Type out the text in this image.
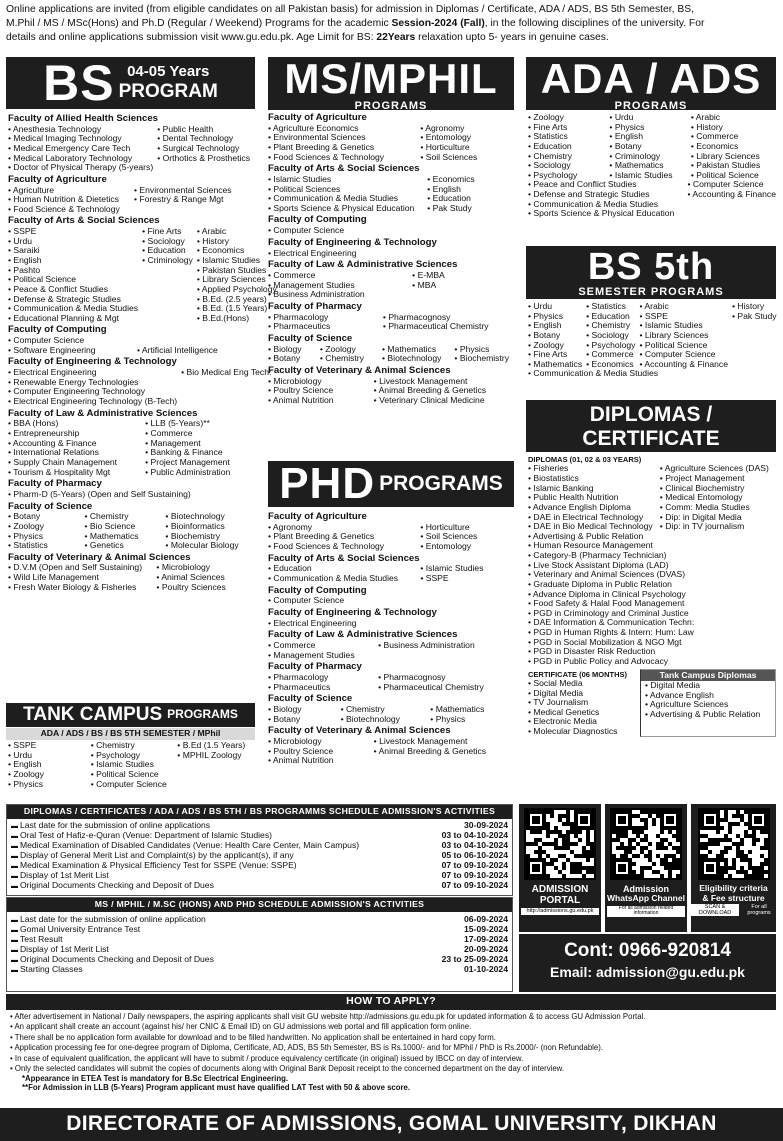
Online applications are invited (from eligible candidates on all Pakistan basis) for admission in Diplomas / Certificate, ADA / ADS, BS 5th Semester, BS,
M.Phil / MS / MSc(Hons) and Ph.D (Regular / Weekend) Programs for the academic Session-2024 (Fall), in the following disciplines of the university. For
details and online applications submission visit www.gu.edu.pk. Age Limit for BS: 22Years relaxation upto 5- years in genuine cases.
BS 04-05 Years
PROGRAM
Faculty of Allied Health Sciences
• Anesthesia Technology	• Public Health
• Medical Imaging Technology	• Dental Technology
• Medical Emergency Care Tech	• Surgical Technology
• Medical Laboratory Technology	• Orthotics & Prosthetics
• Doctor of Physical Therapy (5-years)
Faculty of Agriculture
• Agriculture	• Environmental Sciences
• Human Nutrition & Dietetics	• Forestry & Range Mgt
• Food Science & Technology
Faculty of Arts & Social Sciences
• SSPE	• Fine Arts	• Arabic
• Urdu	• Sociology	• History
• Saraiki	• Education	• Economics
• English	• Criminology	• Islamic Studies
• Pashto	• Pakistan Studies
• Political Science	• Library Sciences
• Peace & Conflict Studies	• Applied Psychology
• Defense & Strategic Studies	• B.Ed. (2.5 years)
• Communication & Media Studies	• B.Ed. (1.5 Years)
• Educational Planning & Mgt	• B.Ed.(Hons)
Faculty of Computing
• Computer Science
• Software Engineering	• Artificial Intelligence
Faculty of Engineering & Technology
• Electrical Engineering	• Bio Medical Eng Tech:
• Renewable Energy Technologies
• Computer Engineering Technology
• Electrical Engineering Technology (B-Tech)
Faculty of Law & Administrative Sciences
• BBA (Hons)	• LLB (5-Years)**
• Entrepreneurship	• Commerce
• Accounting & Finance	• Management
• International Relations	• Banking & Finance
• Supply Chain Management	• Project Management
• Tourism & Hospitality Mgt	• Public Administration
Faculty of Pharmacy
• Pharm-D (5-Years) (Open and Self Sustaining)
Faculty of Science
• Botany	• Chemistry	• Biotechnology
• Zoology	• Bio Science	• Bioinformatics
• Physics	• Mathematics	• Biochemistry
• Statistics	• Genetics	• Molecular Biology
Faculty of Veterinary & Animal Sciences
• D.V.M (Open and Self Sustaining)	• Microbiology
• Wild Life Management	• Animal Sciences
• Fresh Water Biology & Fisheries	• Poultry Sciences
TANK CAMPUS PROGRAMS
ADA / ADS / BS / BS 5TH SEMESTER / MPhil
• SSPE	• Chemistry	• B.Ed (1.5 Years)
• Urdu	• Psychology	• MPHIL Zoology
• English	• Islamic Studies
• Zoology	• Political Science
• Physics	• Computer Science
MS/MPHIL
PROGRAMS
Faculty of Agriculture
• Agriculture Economics	• Agronomy
• Environmental Sciences	• Entomology
• Plant Breeding & Genetics	• Horticulture
• Food Sciences & Technology	• Soil Sciences
Faculty of Arts & Social Sciences
• Islamic Studies	• Economics
• Political Sciences	• English
• Communication & Media Studies	• Education
• Sports Science & Physical Education	• Pak Study
Faculty of Computing
• Computer Science
Faculty of Engineering & Technology
• Electrical Engineering
Faculty of Law & Administrative Sciences
• Commerce	• E-MBA
• Management Studies	• MBA
• Business Administration
Faculty of Pharmacy
• Pharmacology	• Pharmacognosy
• Pharmaceutics	• Pharmaceutical Chemistry
Faculty of Science
• Biology	• Zoology	• Mathematics	• Physics
• Botany	• Chemistry	• Biotechnology	• Biochemistry
Faculty of Veterinary & Animal Sciences
• Microbiology	• Livestock Management
• Poultry Science	• Animal Breeding & Genetics
• Animal Nutrition	• Veterinary Clinical Medicine
PHD PROGRAMS
Faculty of Agriculture
• Agronomy	• Horticulture
• Plant Breeding & Genetics	• Soil Sciences
• Food Sciences & Technology	• Entomology
Faculty of Arts & Social Sciences
• Education	• Islamic Studies
• Communication & Media Studies	• SSPE
Faculty of Computing
• Computer Science
Faculty of Engineering & Technology
• Electrical Engineering
Faculty of Law & Administrative Sciences
• Commerce	• Business Administration
• Management Studies
Faculty of Pharmacy
• Pharmacology	• Pharmacognosy
• Pharmaceutics	• Pharmaceutical Chemistry
Faculty of Science
• Biology	• Chemistry	• Mathematics
• Botany	• Biotechnology	• Physics
Faculty of Veterinary & Animal Sciences
• Microbiology	• Livestock Management
• Poultry Science	• Animal Breeding & Genetics
• Animal Nutrition
ADA / ADS
PROGRAMS
• Zoology	• Urdu	• Arabic
• Fine Arts	• Physics	• History
• Statistics	• English	• Commerce
• Education	• Botany	• Economics
• Chemistry	• Criminology	• Library Sciences
• Sociology	• Mathematics	• Pakistan Studies
• Psychology	• Islamic Studies	• Political Science
• Peace and Conflict Studies	• Computer Science
• Defense and Strategic Studies	• Accounting & Finance
• Communication & Media Studies
• Sports Science & Physical Education
BS 5th
SEMESTER PROGRAMS
• Urdu	• Statistics	• Arabic	• History
• Physics	• Education	• SSPE	• Pak Study
• English	• Chemistry	• Islamic Studies
• Botany	• Sociology	• Library Sciences
• Zoology	• Psychology	• Political Science
• Fine Arts	• Commerce	• Computer Science
• Mathematics	• Economics	• Accounting & Finance
• Communication & Media Studies
DIPLOMAS /
CERTIFICATE
DIPLOMAS (01, 02 & 03 YEARS)
• Fisheries	• Agriculture Sciences (DAS)
• Biostatistics	• Project Management
• Islamic Banking	• Clinical Biochemistry
• Public Health Nutrition	• Medical Entomology
• Advance English Diploma	• Comm: Media Studies
• DAE in Electrical Technology	• Dip: in Digital Media
• DAE in Bio Medical Technology	• Dip: in TV journalism
• Advertising & Public Relation
• Human Resource Management
• Category-B (Pharmacy Technician)
• Live Stock Assistant Diploma (LAD)
• Veterinary and Animal Sciences (DVAS)
• Graduate Diploma in Public Relation
• Advance Diploma in Clinical Psychology
• Food Safety & Halal Food Management
• PGD in Criminology and Criminal Justice
• DAE Information & Communication Techn:
• PGD in Human Rights & Intern: Hum: Law
• PGD in Social Mobilization & NGO Mgt
• PGD in Disaster Risk Reduction
• PGD in Public Policy and Advocacy
CERTIFICATE (06 MONTHS)
• Social Media
• Digital Media
• TV Journalism
• Medical Genetics
• Electronic Media
• Molecular Diagnostics
Tank Campus Diplomas
• Digital Media
• Advance English
• Agriculture Sciences
• Advertising & Public Relation
DIPLOMAS / CERTIFICATES / ADA / ADS / BS 5TH / BS PROGRAMMS SCHEDULE ADMISSION'S ACTIVITIES
▬ Last date for the submission of online applications	30-09-2024
▬ Oral Test of Hafiz-e-Quran (Venue: Department of Islamic Studies)	03 to 04-10-2024
▬ Medical Examination of Disabled Candidates (Venue: Health Care Center, Main Campus)	03 to 04-10-2024
▬ Display of General Merit List and Complaint(s) by the applicant(s), if any	05 to 06-10-2024
▬ Medical Examination & Physical Efficiency Test for SSPE (Venue: SSPE)	07 to 09-10-2024
▬ Display of 1st Merit List	07 to 09-10-2024
▬ Original Documents Checking and Deposit of Dues	07 to 09-10-2024
MS / MPHIL / M.SC (HONS) AND PHD SCHEDULE ADMISSION'S ACTIVITIES
▬ Last date for the submission of online application	06-09-2024
▬ Gomal University Entrance Test	15-09-2024
▬ Test Result	17-09-2024
▬ Display of 1st Merit List	20-09-2024
▬ Original Documents Checking and Deposit of Dues	23 to 25-09-2024
▬ Starting Classes	01-10-2024
ADMISSION
PORTAL
http://admissions.gu.edu.pk
Admission
WhatsApp Channel
For all admission related information
Eligibility criteria
& Fee structure
SCAN & DOWNLOAD
For all programs
Cont: 0966-920814
Email: admission@gu.edu.pk
HOW TO APPLY?
• After advertisement in National / Daily newspapers, the aspiring applicants shall visit GU website http://admissions.gu.edu.pk for updated information & to access GU Admission Portal.
• An applicant shall create an account (against his/ her CNIC & Email ID) on GU admissions web portal and fill application form online.
• There shall be no application form available for download and to be filled handwritten. No application shall be entertained in hard copy form.
• Application processing fee for one-degree program of Diploma, Certificate, AD, ADS, BS 5th Semester, BS is Rs.1000/- and for MPhil / PhD is Rs.2000/- (non Refundable).
• In case of equivalent qualification, the applicant will have to submit / produce equivalency certificate (in original) issued by IBCC on day of interview.
• Only the selected candidates will submit the copies of documents along with Original Bank Deposit receipt to the concerned department on the day of interview.
*Appearance in ETEA Test is mandatory for B.Sc Electrical Engineering.
**For Admission in LLB (5-Years) Program applicant must have qualified LAT Test with 50 & above score.
DIRECTORATE OF ADMISSIONS, GOMAL UNIVERSITY, DIKHAN
